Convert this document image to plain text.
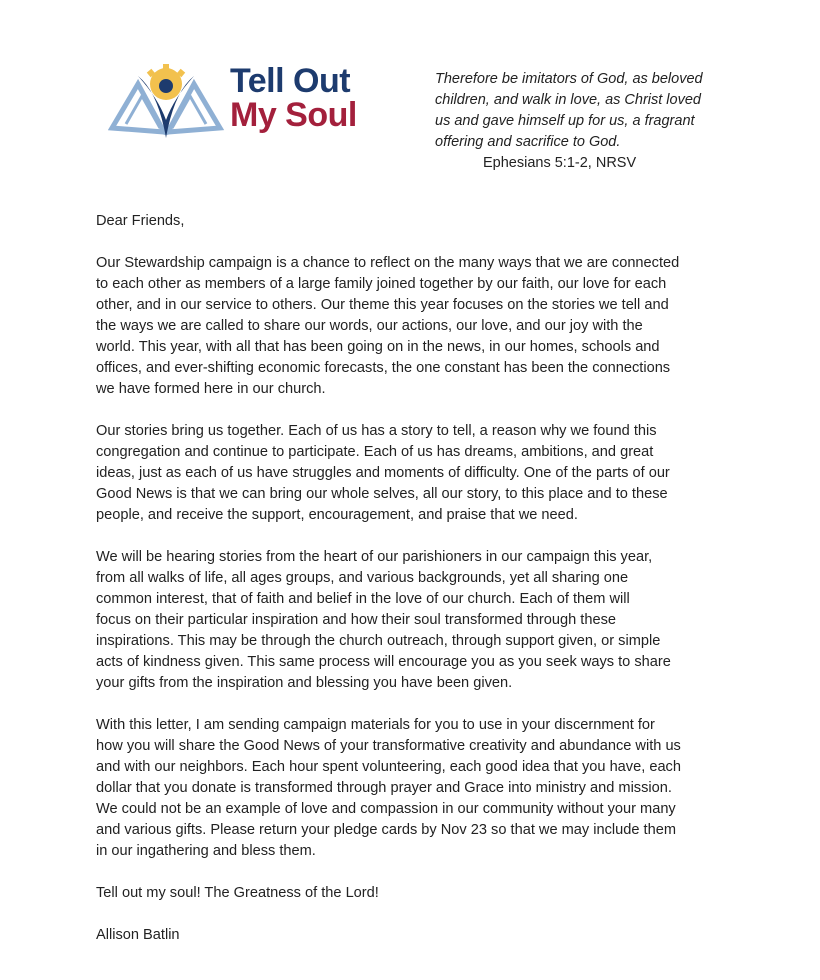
Tell Out
My Soul
Therefore be imitators of God, as beloved
children, and walk in love, as Christ loved
us and gave himself up for us, a fragrant
offering and sacrifice to God.
Ephesians 5:1-2, NRSV

Dear Friends,

Our Stewardship campaign is a chance to reflect on the many ways that we are connected
to each other as members of a large family joined together by our faith, our love for each
other, and in our service to others. Our theme this year focuses on the stories we tell and
the ways we are called to share our words, our actions, our love, and our joy with the
world. This year, with all that has been going on in the news, in our homes, schools and
offices, and ever-shifting economic forecasts, the one constant has been the connections
we have formed here in our church.

Our stories bring us together. Each of us has a story to tell, a reason why we found this
congregation and continue to participate. Each of us has dreams, ambitions, and great
ideas, just as each of us have struggles and moments of difficulty. One of the parts of our
Good News is that we can bring our whole selves, all our story, to this place and to these
people, and receive the support, encouragement, and praise that we need.

We will be hearing stories from the heart of our parishioners in our campaign this year,
from all walks of life, all ages groups, and various backgrounds, yet all sharing one
common interest, that of faith and belief in the love of our church. Each of them will
focus on their particular inspiration and how their soul transformed through these
inspirations. This may be through the church outreach, through support given, or simple
acts of kindness given. This same process will encourage you as you seek ways to share
your gifts from the inspiration and blessing you have been given.

With this letter, I am sending campaign materials for you to use in your discernment for
how you will share the Good News of your transformative creativity and abundance with us
and with our neighbors. Each hour spent volunteering, each good idea that you have, each
dollar that you donate is transformed through prayer and Grace into ministry and mission.
We could not be an example of love and compassion in our community without your many
and various gifts. Please return your pledge cards by Nov 23 so that we may include them
in our ingathering and bless them.

Tell out my soul! The Greatness of the Lord!

Allison Batlin
